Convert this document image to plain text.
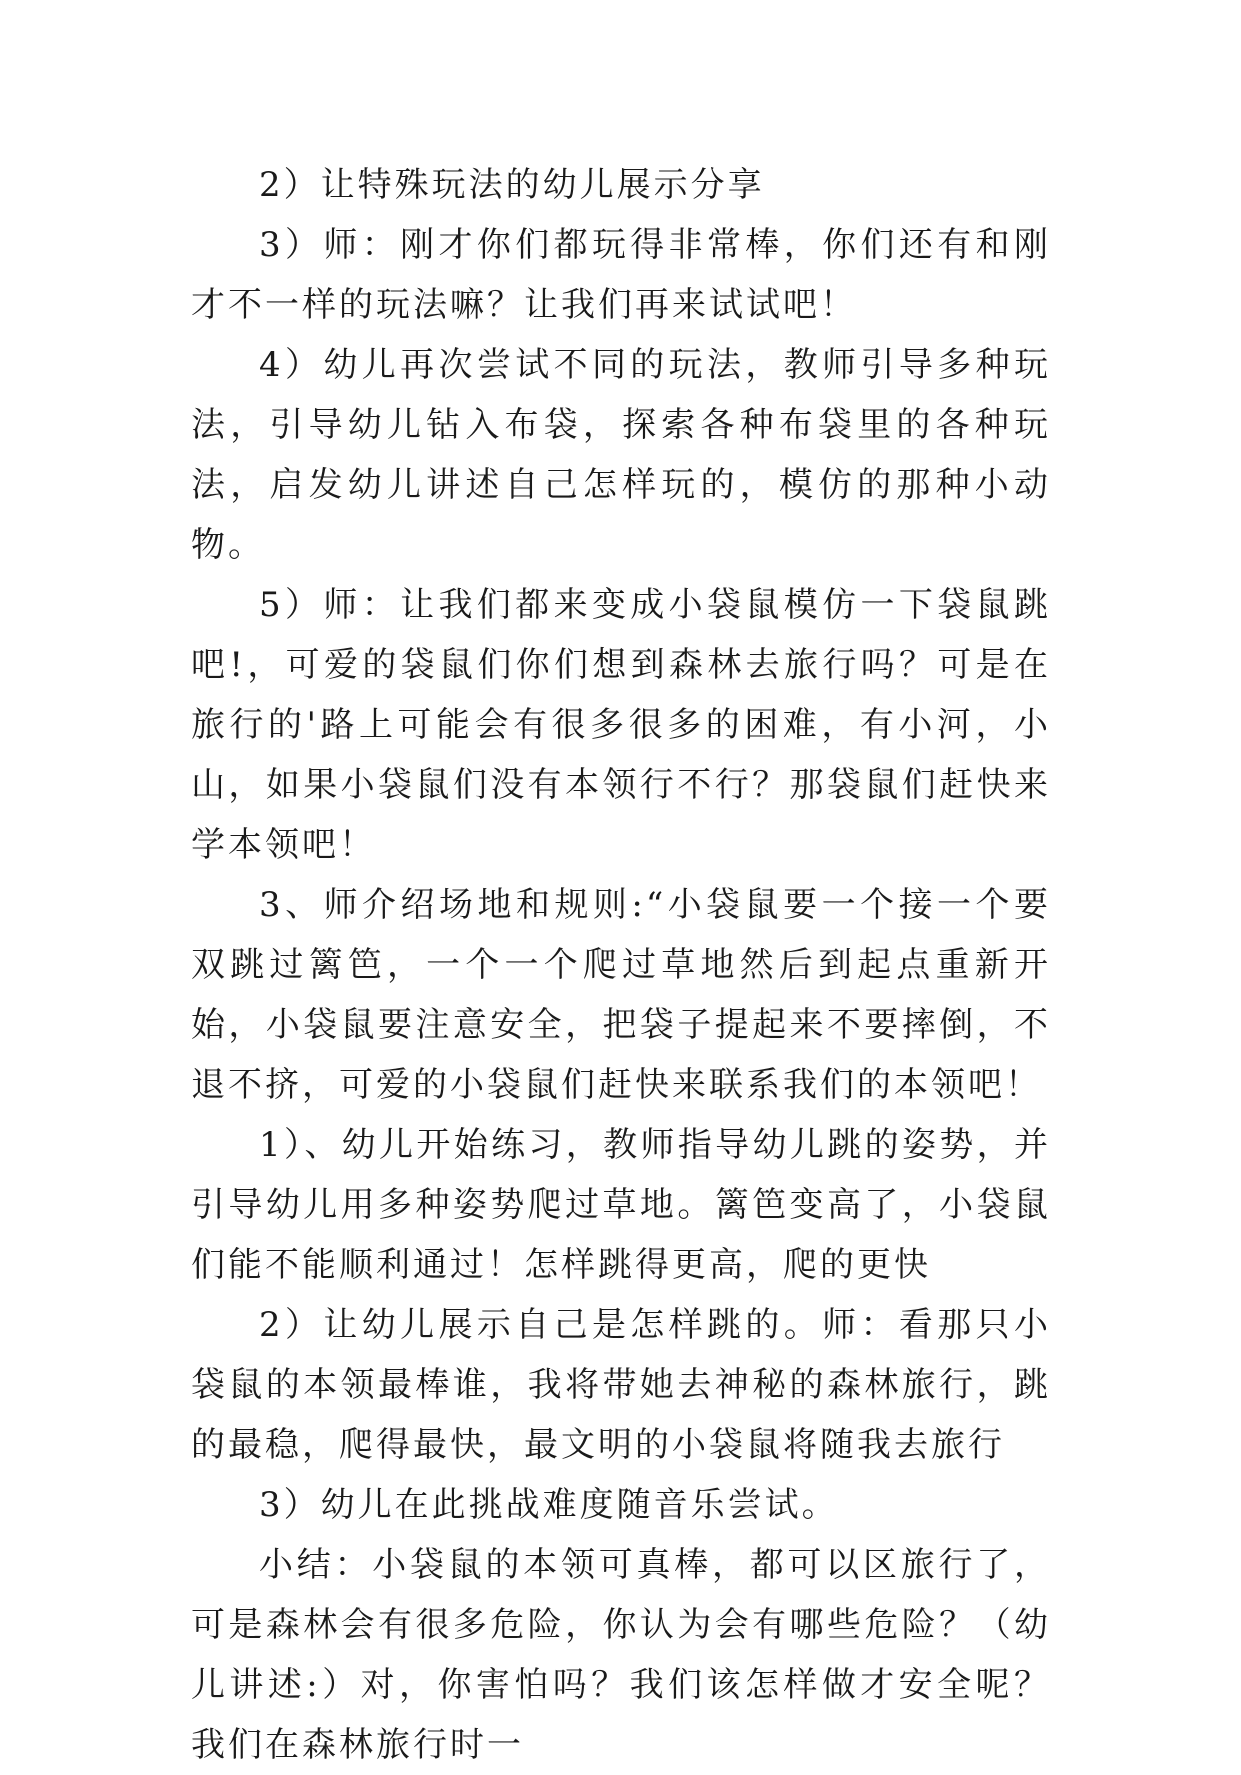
2）让特殊玩法的幼儿展示分享

3）师：刚才你们都玩得非常棒，你们还有和刚才不一样的玩法嘛？让我们再来试试吧！

4）幼儿再次尝试不同的玩法，教师引导多种玩法，引导幼儿钻入布袋，探索各种布袋里的各种玩法，启发幼儿讲述自己怎样玩的，模仿的那种小动物。

5）师：让我们都来变成小袋鼠模仿一下袋鼠跳吧!，可爱的袋鼠们你们想到森林去旅行吗？可是在旅行的'路上可能会有很多很多的困难，有小河，小山，如果小袋鼠们没有本领行不行？那袋鼠们赶快来学本领吧！

3、师介绍场地和规则:“小袋鼠要一个接一个要双跳过篱笆，一个一个爬过草地然后到起点重新开始，小袋鼠要注意安全，把袋子提起来不要摔倒，不退不挤，可爱的小袋鼠们赶快来联系我们的本领吧！

1）、幼儿开始练习，教师指导幼儿跳的姿势，并引导幼儿用多种姿势爬过草地。篱笆变高了，小袋鼠们能不能顺利通过！怎样跳得更高，爬的更快

2）让幼儿展示自己是怎样跳的。师：看那只小袋鼠的本领最棒谁，我将带她去神秘的森林旅行，跳的最稳，爬得最快，最文明的小袋鼠将随我去旅行

3）幼儿在此挑战难度随音乐尝试。

小结：小袋鼠的本领可真棒，都可以区旅行了，可是森林会有很多危险，你认为会有哪些危险？（幼儿讲述:）对，你害怕吗？我们该怎样做才安全呢？我们在森林旅行时一
